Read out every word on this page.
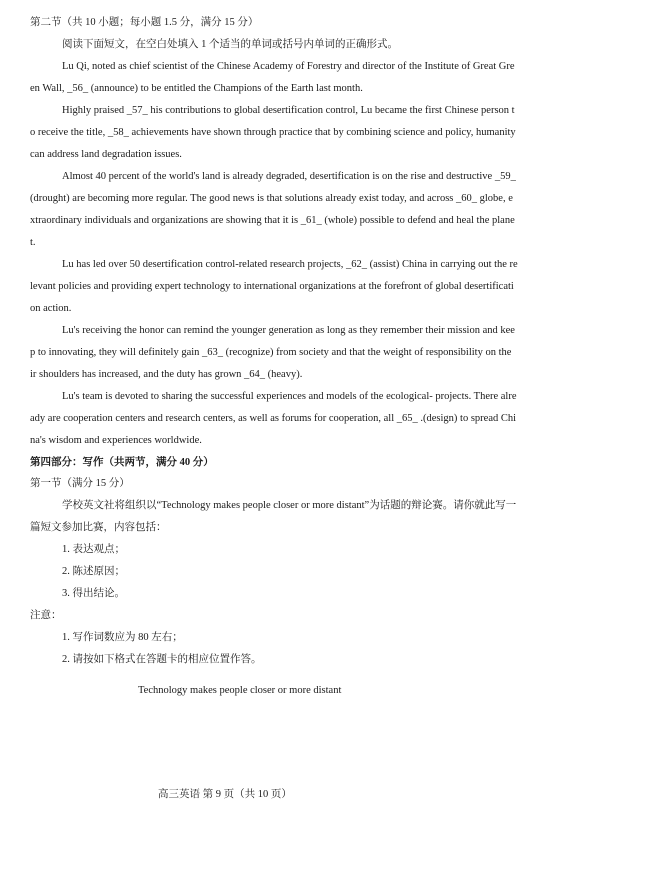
第二节（共 10 小题；每小题 1.5 分，满分 15 分）
阅读下面短文，在空白处填入 1 个适当的单词或括号内单词的正确形式。
Lu Qi, noted as chief scientist of the Chinese Academy of Forestry and director of the Institute of Great Gre
en Wall, _56_ (announce) to be entitled the Champions of the Earth last month.
Highly praised _57_ his contributions to global desertification control, Lu became the first Chinese person t
o receive the title, _58_ achievements have shown through practice that by combining science and policy, humanity
can address land degradation issues.
Almost 40 percent of the world's land is already degraded, desertification is on the rise and destructive _59_
(drought) are becoming more regular. The good news is that solutions already exist today, and across _60_ globe, e
xtraordinary individuals and organizations are showing that it is _61_ (whole) possible to defend and heal the plane
t.
Lu has led over 50 desertification control-related research projects, _62_ (assist) China in carrying out the re
levant policies and providing expert technology to international organizations at the forefront of global desertificati
on action.
Lu's receiving the honor can remind the younger generation as long as they remember their mission and kee
p to innovating, they will definitely gain _63_ (recognize) from society and that the weight of responsibility on the
ir shoulders has increased, and the duty has grown _64_ (heavy).
Lu's team is devoted to sharing the successful experiences and models of the ecological- projects. There alre
ady are cooperation centers and research centers, as well as forums for cooperation, all _65_ .(design) to spread Chi
na's wisdom and experiences worldwide.
第四部分：写作（共两节，满分 40 分）
第一节（满分 15 分）
学校英文社将组织以“Technology makes people closer or more distant”为话题的辩论赛。请你就此写一
篇短文参加比赛，内容包括：
1. 表达观点；
2. 陈述原因；
3. 得出结论。
注意：
1. 写作词数应为 80 左右；
2. 请按如下格式在答题卡的相应位置作答。
Technology makes people closer or more distant
高三英语 第 9 页（共 10 页）
